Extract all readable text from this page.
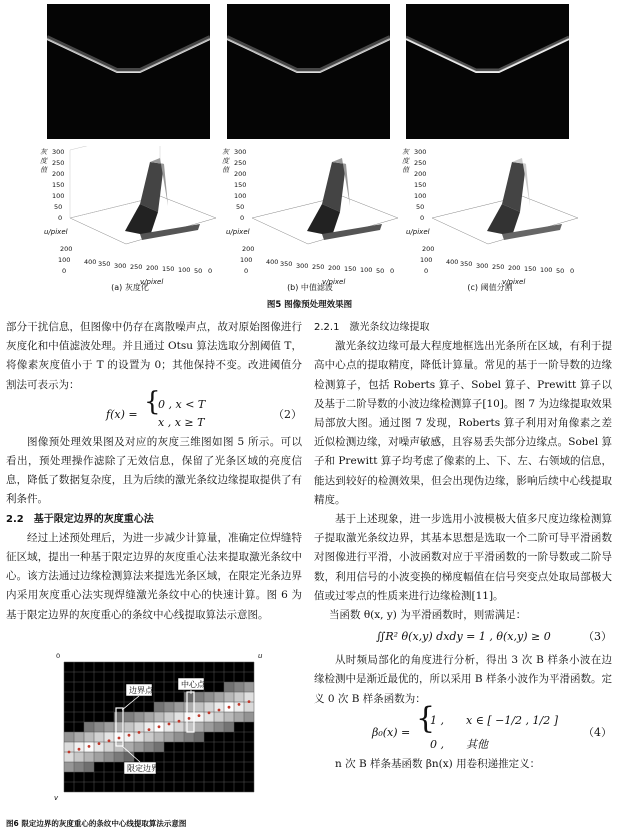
灰
度
值
300
250
200
150
100
50
0
u/pixel
200
100
0
400 350 300 250 200 150 100 50 0
v/pixel
灰
度
值
300
250
200
150
100
50
0
u/pixel
200
100
0
400 350 300 250 200 150 100 50 0
v/pixel
灰
度
值
300
250
200
150
100
50
0
u/pixel
200
100
0
400 350 300 250 200 150 100 50 0
v/pixel
(a) 灰度化	(b) 中值滤波	(c) 阈值分割
图5 图像预处理效果图

部分干扰信息，但图像中仍存在离散噪声点，故对原始图像进行灰度化和中值滤波处理。并且通过 Otsu 算法选取分割阈值 T，将像素灰度值小于 T 的设置为 0；其他保持不变。改进阈值分割法可表示为：

f(x) = {
0 , x < T
x , x ≥ T
（2）

图像预处理效果图及对应的灰度三维图如图 5 所示。可以看出，预处理操作滤除了无效信息，保留了光条区域的亮度信息，降低了数据复杂度，且为后续的激光条纹边缘提取提供了有利条件。

2.2　基于限定边界的灰度重心法

经过上述预处理后，为进一步减少计算量，准确定位焊缝特征区域，提出一种基于限定边界的灰度重心法来提取激光条纹中心。该方法通过边缘检测算法来提选光条区域，在限定光条边界内采用灰度重心法实现焊缝激光条纹中心的快速计算。图 6 为基于限定边界的灰度重心的条纹中心线提取算法示意图。

0	u
v
边界点
中心点
限定边界
图6 限定边界的灰度重心的条纹中心线提取算法示意图

2.2.1　激光条纹边缘提取

激光条纹边缘可最大程度地框选出光条所在区域，有利于提高中心点的提取精度，降低计算量。常见的基于一阶导数的边缘检测算子，包括 Roberts 算子、Sobel 算子、Prewitt 算子以及基于二阶导数的小波边缘检测算子[10]。图 7 为边缘提取效果局部放大图。通过图 7 发现，Roberts 算子利用对角像素之差近似检测边缘，对噪声敏感，且容易丢失部分边缘点。Sobel 算子和 Prewitt 算子均考虑了像素的上、下、左、右领域的信息，能达到较好的检测效果，但会出现伪边缘，影响后续中心线提取精度。

基于上述现象，进一步选用小波模极大值多尺度边缘检测算子提取激光条纹边界，其基本思想是选取一个二阶可导平滑函数对图像进行平滑，小波函数对应于平滑函数的一阶导数或二阶导数，利用信号的小波变换的梯度幅值在信号突变点处取局部极大值或过零点的性质来进行边缘检测[11]。

当函数 θ(x, y) 为平滑函数时，则需满足：

∬R² θ(x,y) dxdy = 1 , θ(x,y) ≥ 0	（3）

从时频局部化的角度进行分析，得出 3 次 B 样条小波在边缘检测中是渐近最优的，所以采用 B 样条小波作为平滑函数。定义 0 次 B 样条函数为：

β₀(x) = {
1 ,　　x ∈ [ −1/2 , 1/2 ]
0 ,　　其他
（4）

n 次 B 样条基函数 βn(x) 用卷积递推定义：
